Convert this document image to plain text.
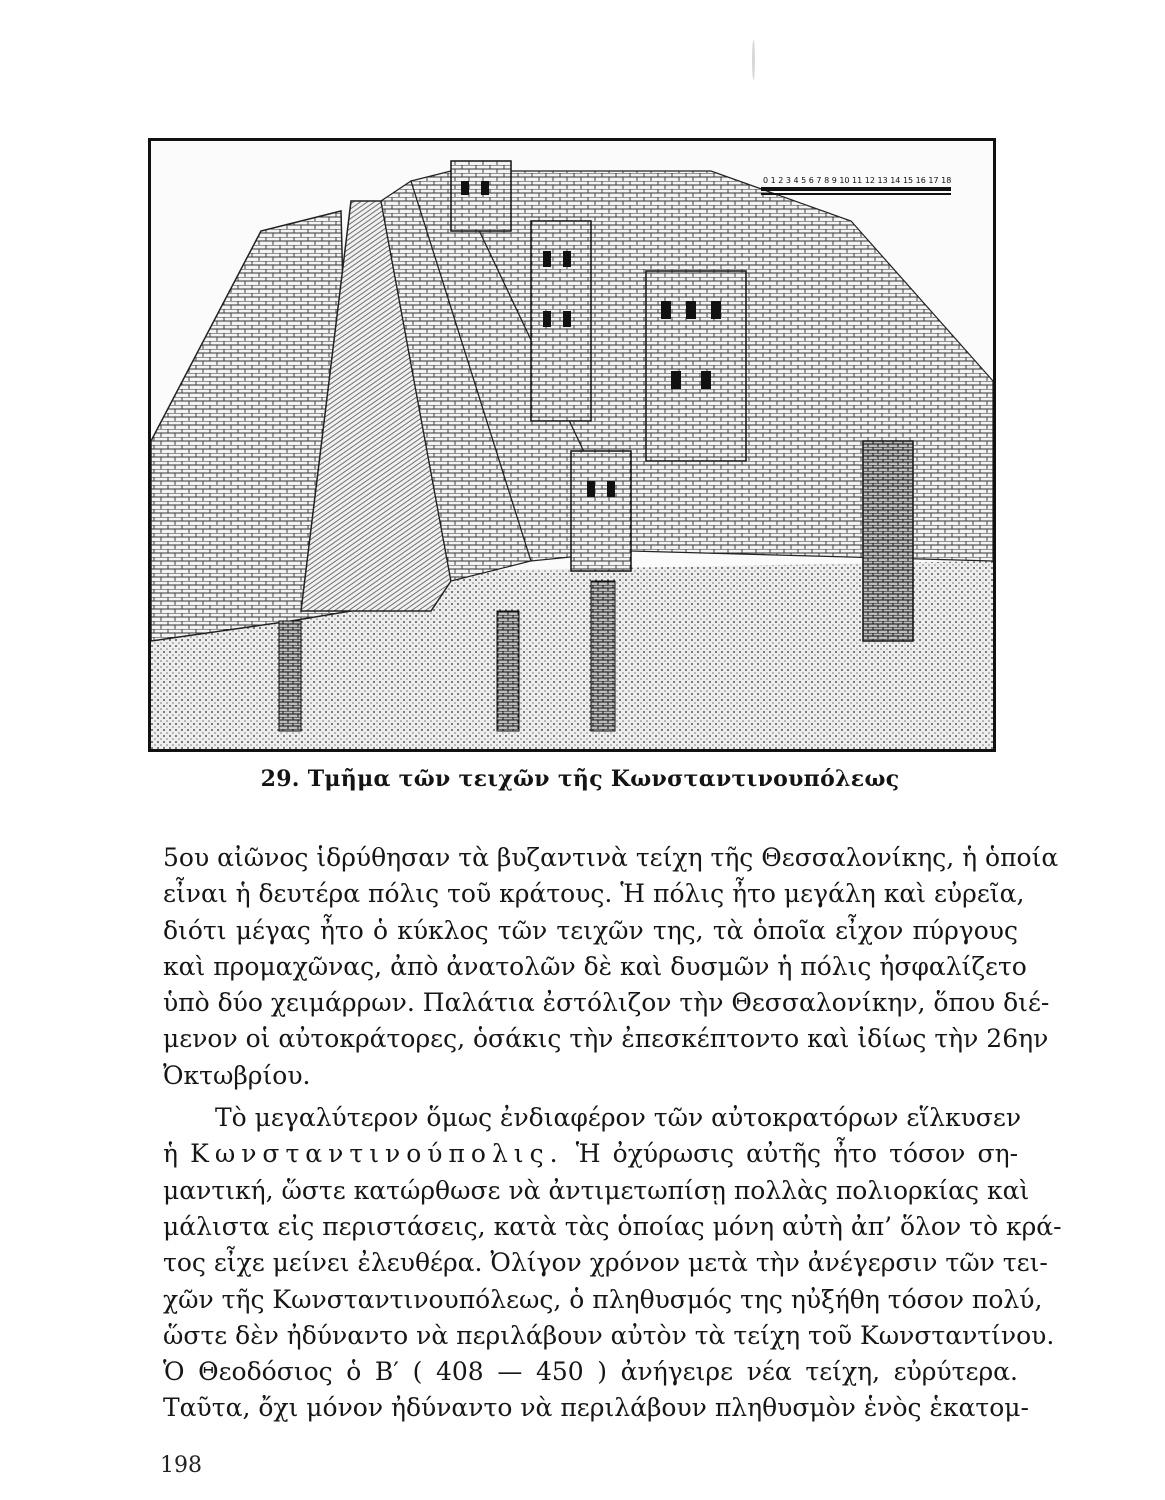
0 1 2 3 4 5 6 7 8 9 10 11 12 13 14 15 16 17 18
29. Τμῆμα τῶν τειχῶν τῆς Κωνσταντινουπόλεως

5ου αἰῶνος ἱδρύθησαν τὰ βυζαντινὰ τείχη τῆς Θεσσαλονίκης, ἡ ὁποία
εἶναι ἡ δευτέρα πόλις τοῦ κράτους. Ἡ πόλις ἦτο μεγάλη καὶ εὐρεῖα,
διότι μέγας ἦτο ὁ κύκλος τῶν τειχῶν της, τὰ ὁποῖα εἶχον πύργους
καὶ προμαχῶνας, ἀπὸ ἀνατολῶν δὲ καὶ δυσμῶν ἡ πόλις ἠσφαλίζετο
ὑπὸ δύο χειμάρρων. Παλάτια ἐστόλιζον τὴν Θεσσαλονίκην, ὅπου διέ-
μενον οἱ αὐτοκράτορες, ὁσάκις τὴν ἐπεσκέπτοντο καὶ ἰδίως τὴν 26ην
Ὀκτωβρίου.

Τὸ μεγαλύτερον ὅμως ἐνδιαφέρον τῶν αὐτοκρατόρων εἵλκυσεν
ἡ Κωνσταντινούπολις. Ἡ ὀχύρωσις αὐτῆς ἦτο τόσον ση-
μαντική, ὥστε κατώρθωσε νὰ ἀντιμετωπίσῃ πολλὰς πολιορκίας καὶ
μάλιστα εἰς περιστάσεις, κατὰ τὰς ὁποίας μόνη αὐτὴ ἀπ’ ὅλον τὸ κρά-
τος εἶχε μείνει ἐλευθέρα. Ὀλίγον χρόνον μετὰ τὴν ἀνέγερσιν τῶν τει-
χῶν τῆς Κωνσταντινουπόλεως, ὁ πληθυσμός της ηὐξήθη τόσον πολύ,
ὥστε δὲν ἠδύναντο νὰ περιλάβουν αὐτὸν τὰ τείχη τοῦ Κωνσταντίνου.
Ὁ Θεοδόσιος ὁ Β′ ( 408 — 450 ) ἀνήγειρε νέα τείχη, εὐρύτερα.
Ταῦτα, ὄχι μόνον ἠδύναντο νὰ περιλάβουν πληθυσμὸν ἑνὸς ἑκατομ-

198
